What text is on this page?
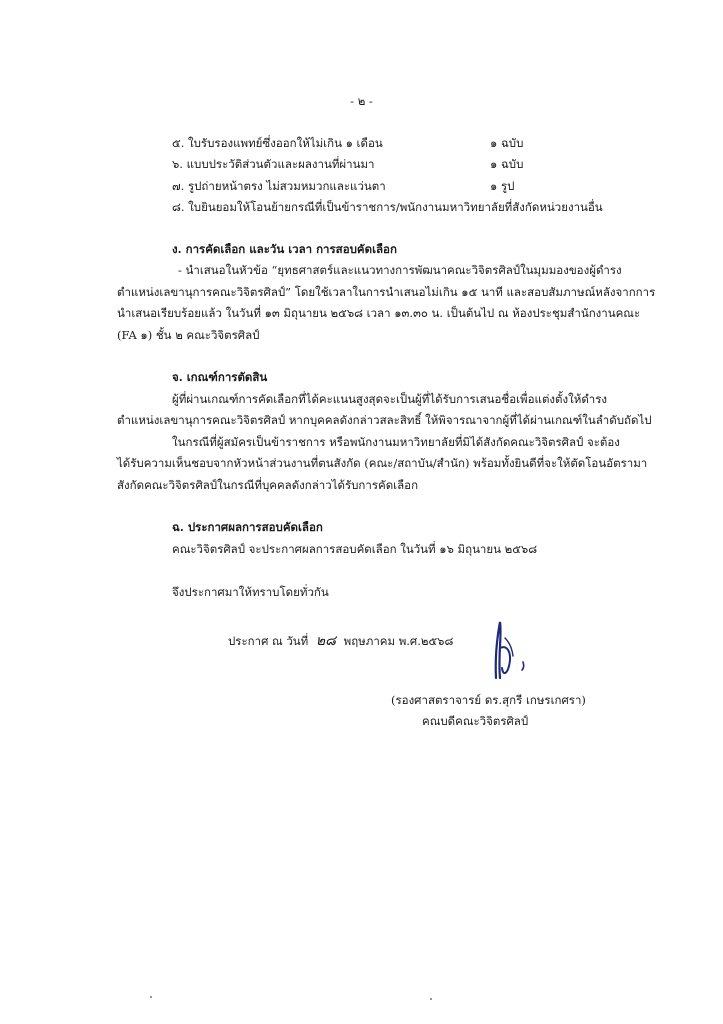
- ๒ -
๕. ใบรับรองแพทย์ซึ่งออกให้ไม่เกิน ๑ เดือน	๑ ฉบับ
๖. แบบประวัติส่วนตัวและผลงานที่ผ่านมา	๑ ฉบับ
๗. รูปถ่ายหน้าตรง ไม่สวมหมวกและแว่นตา	๑ รูป
๘. ใบยินยอมให้โอนย้ายกรณีที่เป็นข้าราชการ/พนักงานมหาวิทยาลัยที่สังกัดหน่วยงานอื่น
ง. การคัดเลือก และวัน เวลา การสอบคัดเลือก
- นำเสนอในหัวข้อ “ยุทธศาสตร์และแนวทางการพัฒนาคณะวิจิตรศิลป์ในมุมมองของผู้ดำรง
ตำแหน่งเลขานุการคณะวิจิตรศิลป์” โดยใช้เวลาในการนำเสนอไม่เกิน ๑๕ นาที และสอบสัมภาษณ์หลังจากการ
นำเสนอเรียบร้อยแล้ว ในวันที่ ๑๓ มิถุนายน ๒๕๖๘ เวลา ๑๓.๓๐ น. เป็นต้นไป ณ ห้องประชุมสำนักงานคณะ
(FA ๑) ชั้น ๒ คณะวิจิตรศิลป์
จ. เกณฑ์การตัดสิน
ผู้ที่ผ่านเกณฑ์การคัดเลือกที่ได้คะแนนสูงสุดจะเป็นผู้ที่ได้รับการเสนอชื่อเพื่อแต่งตั้งให้ดำรง
ตำแหน่งเลขานุการคณะวิจิตรศิลป์ หากบุคคลดังกล่าวสละสิทธิ์ ให้พิจารณาจากผู้ที่ได้ผ่านเกณฑ์ในลำดับถัดไป
ในกรณีที่ผู้สมัครเป็นข้าราชการ หรือพนักงานมหาวิทยาลัยที่มิได้สังกัดคณะวิจิตรศิลป์ จะต้อง
ได้รับความเห็นชอบจากหัวหน้าส่วนงานที่ตนสังกัด (คณะ/สถาบัน/สำนัก) พร้อมทั้งยินดีที่จะให้ตัดโอนอัตรามา
สังกัดคณะวิจิตรศิลป์ในกรณีที่บุคคลดังกล่าวได้รับการคัดเลือก
ฉ. ประกาศผลการสอบคัดเลือก
คณะวิจิตรศิลป์ จะประกาศผลการสอบคัดเลือก ในวันที่ ๑๖ มิถุนายน ๒๕๖๘
จึงประกาศมาให้ทราบโดยทั่วกัน
ประกาศ ณ วันที่ ๒๘ พฤษภาคม พ.ศ.๒๕๖๘
(รองศาสตราจารย์ ดร.สุกรี เกษรเกศรา)
คณบดีคณะวิจิตรศิลป์
